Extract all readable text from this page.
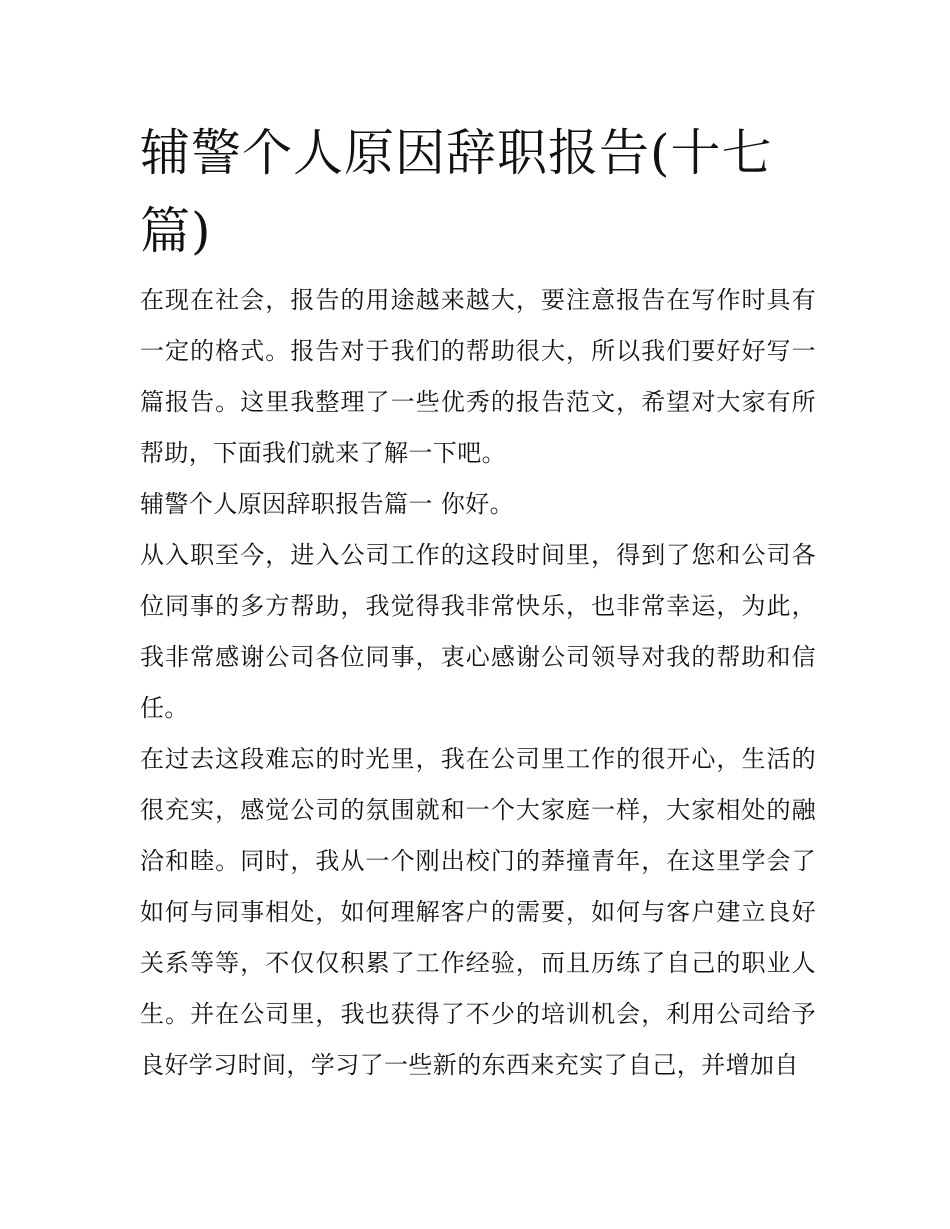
辅警个人原因辞职报告(十七篇)

在现在社会，报告的用途越来越大，要注意报告在写作时具有一定的格式。报告对于我们的帮助很大，所以我们要好好写一篇报告。这里我整理了一些优秀的报告范文，希望对大家有所帮助，下面我们就来了解一下吧。

辅警个人原因辞职报告篇一 你好。

从入职至今，进入公司工作的这段时间里，得到了您和公司各位同事的多方帮助，我觉得我非常快乐，也非常幸运，为此，我非常感谢公司各位同事，衷心感谢公司领导对我的帮助和信任。

在过去这段难忘的时光里，我在公司里工作的很开心，生活的很充实，感觉公司的氛围就和一个大家庭一样，大家相处的融洽和睦。同时，我从一个刚出校门的莽撞青年，在这里学会了如何与同事相处，如何理解客户的需要，如何与客户建立良好关系等等，不仅仅积累了工作经验，而且历练了自己的职业人生。并在公司里，我也获得了不少的培训机会，利用公司给予良好学习时间，学习了一些新的东西来充实了自己，并增加自
